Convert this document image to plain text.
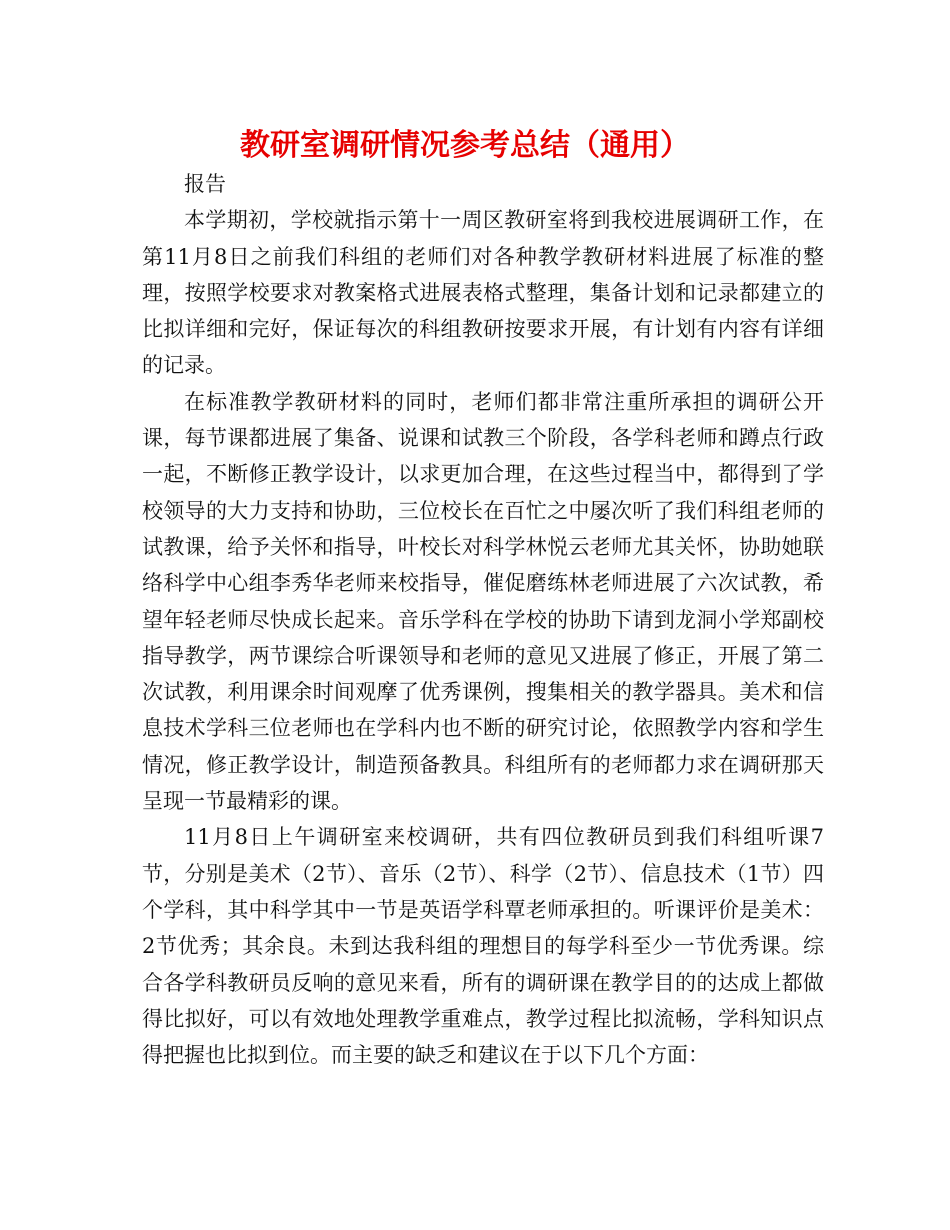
教研室调研情况参考总结（通用）

报告

本学期初，学校就指示第十一周区教研室将到我校进展调研工作，在第11月8日之前我们科组的老师们对各种教学教研材料进展了标准的整理，按照学校要求对教案格式进展表格式整理，集备计划和记录都建立的比拟详细和完好，保证每次的科组教研按要求开展，有计划有内容有详细的记录。

在标准教学教研材料的同时，老师们都非常注重所承担的调研公开课，每节课都进展了集备、说课和试教三个阶段，各学科老师和蹲点行政一起，不断修正教学设计，以求更加合理，在这些过程当中，都得到了学校领导的大力支持和协助，三位校长在百忙之中屡次听了我们科组老师的试教课，给予关怀和指导，叶校长对科学林悦云老师尤其关怀，协助她联络科学中心组李秀华老师来校指导，催促磨练林老师进展了六次试教，希望年轻老师尽快成长起来。音乐学科在学校的协助下请到龙洞小学郑副校指导教学，两节课综合听课领导和老师的意见又进展了修正，开展了第二次试教，利用课余时间观摩了优秀课例，搜集相关的教学器具。美术和信息技术学科三位老师也在学科内也不断的研究讨论，依照教学内容和学生情况，修正教学设计，制造预备教具。科组所有的老师都力求在调研那天呈现一节最精彩的课。

11月8日上午调研室来校调研，共有四位教研员到我们科组听课7节，分别是美术（2节）、音乐（2节）、科学（2节）、信息技术（1节）四个学科，其中科学其中一节是英语学科覃老师承担的。听课评价是美术：2节优秀；其余良。未到达我科组的理想目的每学科至少一节优秀课。综合各学科教研员反响的意见来看，所有的调研课在教学目的的达成上都做得比拟好，可以有效地处理教学重难点，教学过程比拟流畅，学科知识点得把握也比拟到位。而主要的缺乏和建议在于以下几个方面：
